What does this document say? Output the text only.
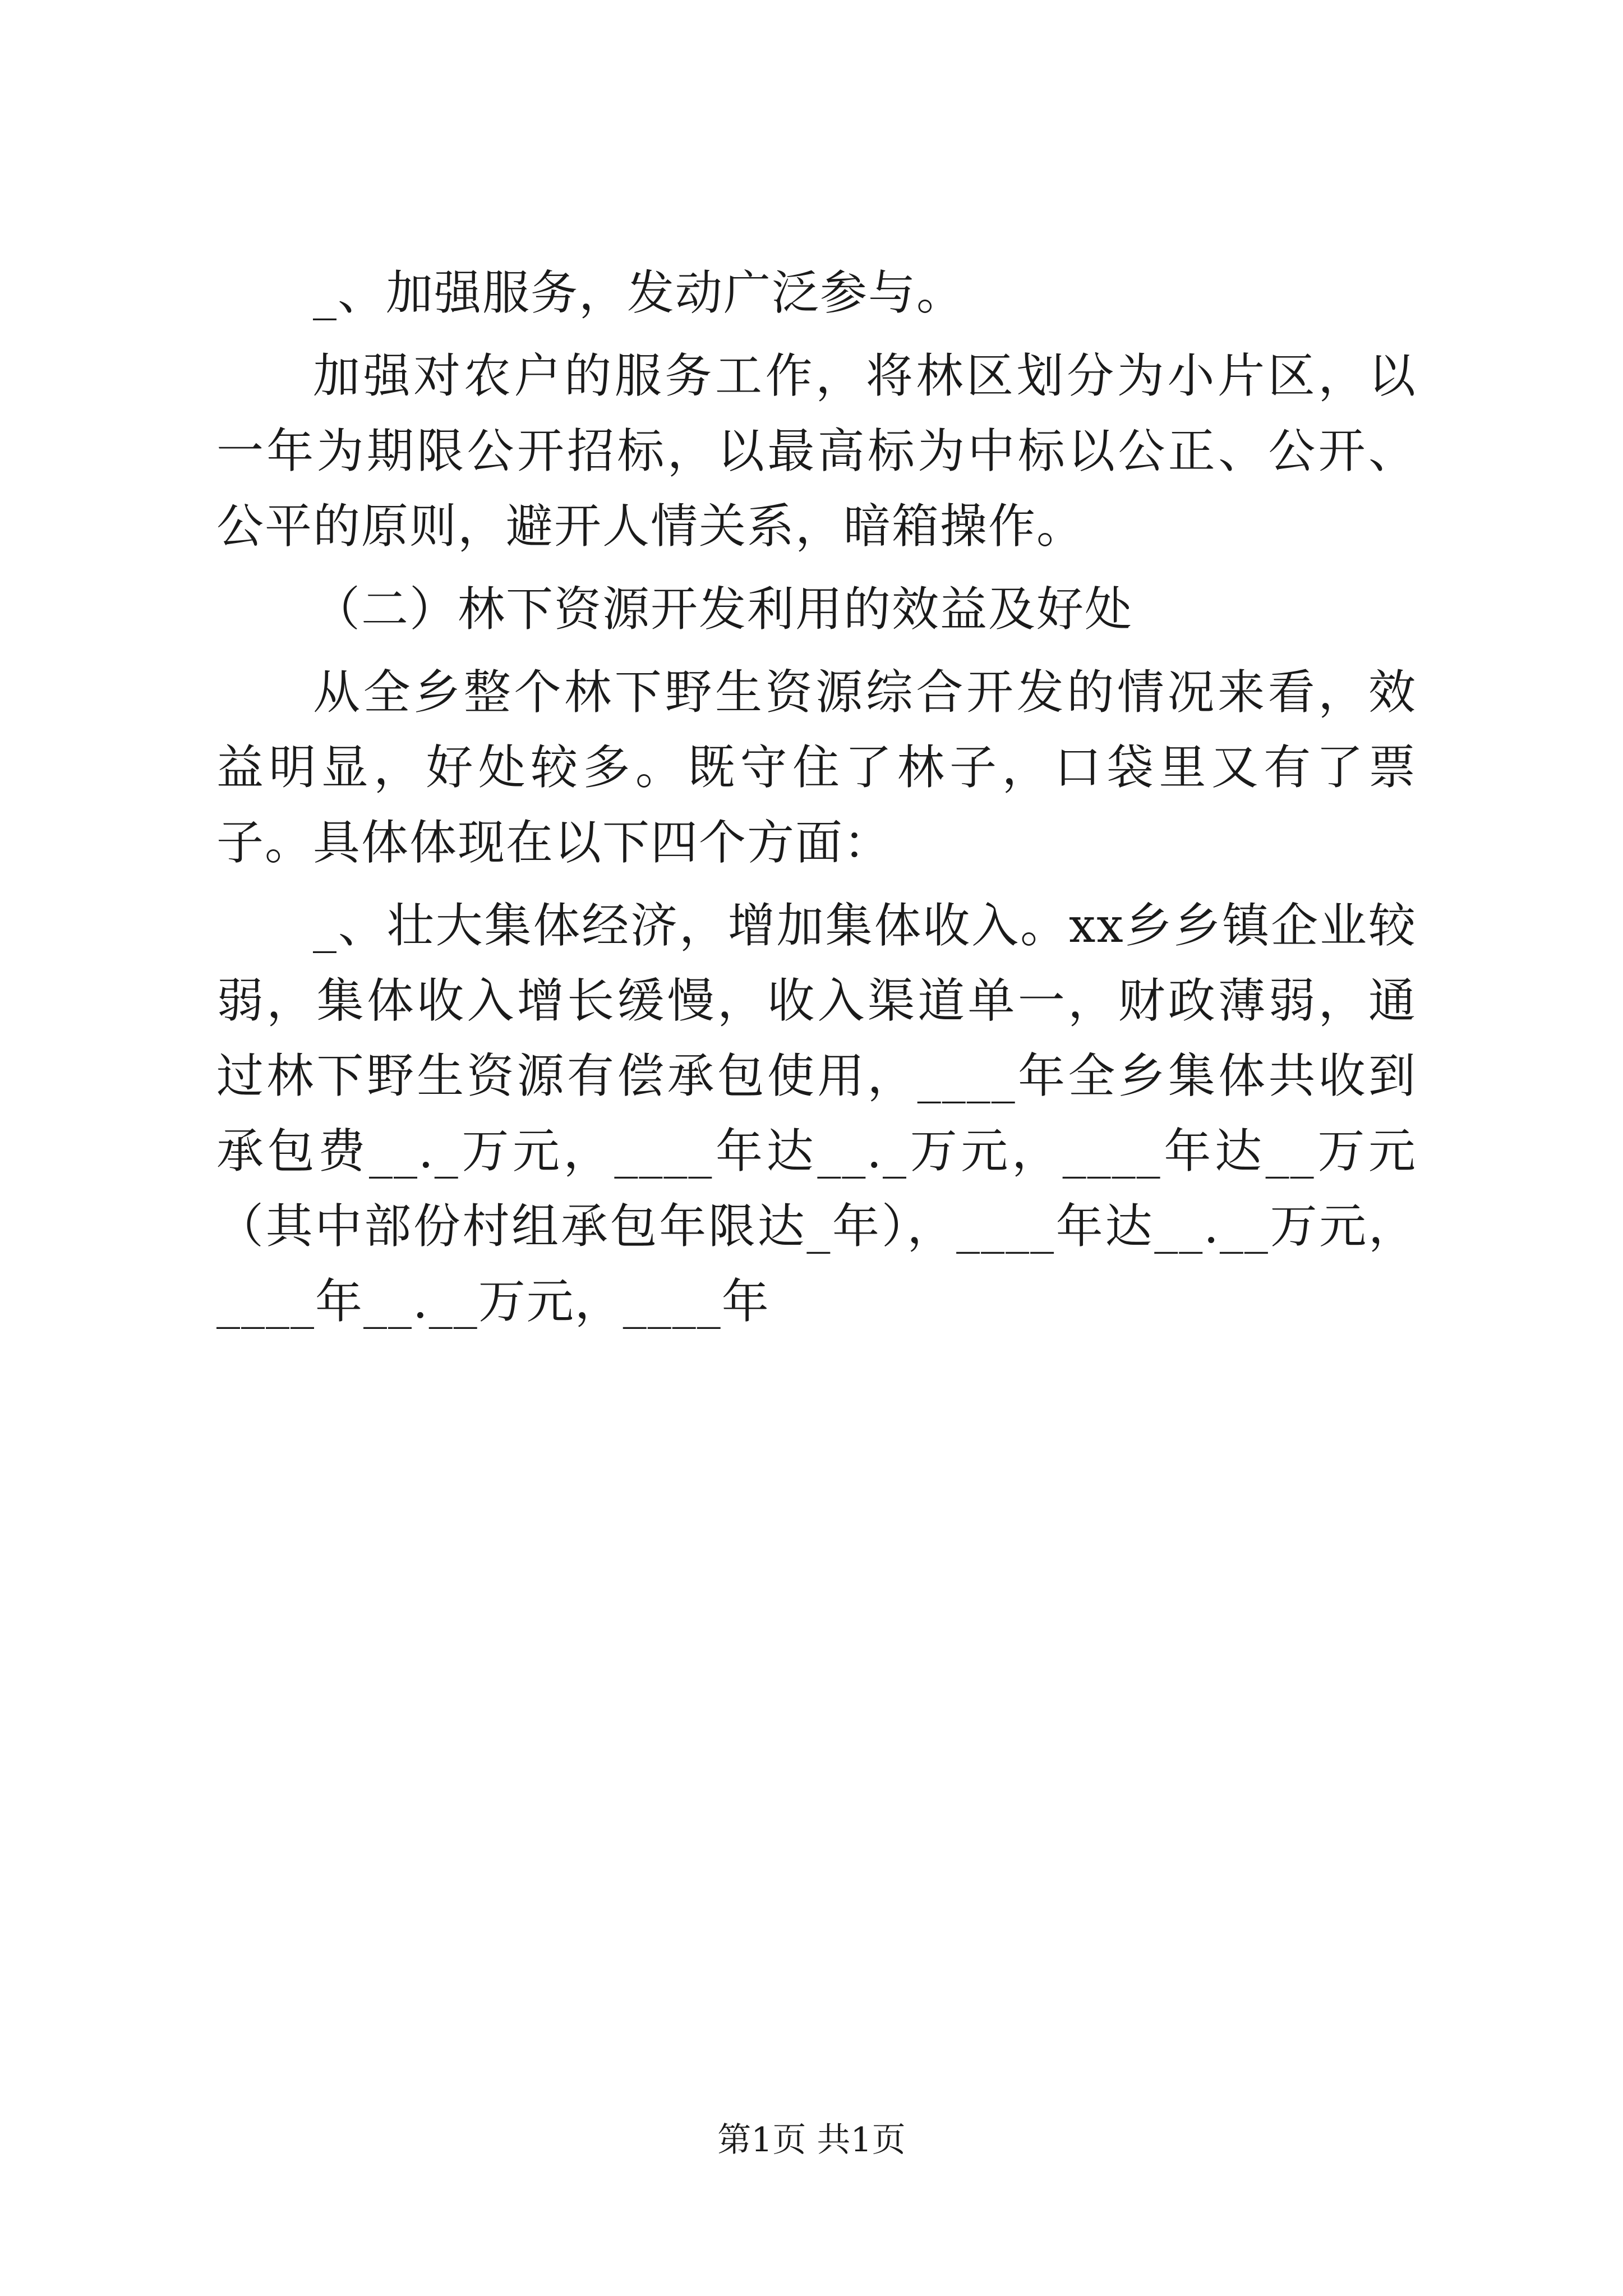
_、加强服务，发动广泛参与。

加强对农户的服务工作，将林区划分为小片区，以一年为期限公开招标，以最高标为中标以公正、公开、公平的原则，避开人情关系，暗箱操作。

（二）林下资源开发利用的效益及好处

从全乡整个林下野生资源综合开发的情况来看，效益明显，好处较多。既守住了林子，口袋里又有了票子。具体体现在以下四个方面：

_、壮大集体经济，增加集体收入。xx乡乡镇企业较弱，集体收入增长缓慢，收入渠道单一，财政薄弱，通过林下野生资源有偿承包使用，____年全乡集体共收到承包费__._万元，____年达__._万元，____年达__万元（其中部份村组承包年限达_年），____年达__.__万元，____年__.__万元，____年

第1页 共1页
